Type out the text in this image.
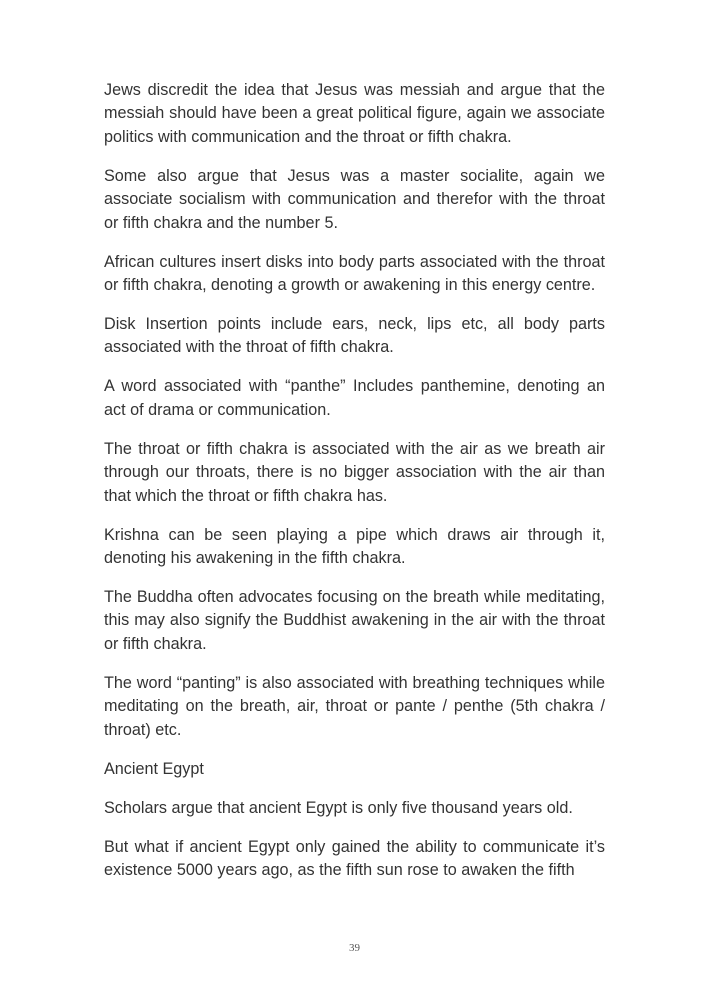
Jews discredit the idea that Jesus was messiah and argue that the messiah should have been a great political figure, again we associate politics with communication and the throat or fifth chakra.

Some also argue that Jesus was a master socialite, again we associate socialism with communication and therefor with the throat or fifth chakra and the number 5.

African cultures insert disks into body parts associated with the throat or fifth chakra, denoting a growth or awakening in this energy centre.

Disk Insertion points include ears, neck, lips etc, all body parts associated with the throat of fifth chakra.

A word associated with “panthe” Includes panthemine, denoting an act of drama or communication.

The throat or fifth chakra is associated with the air as we breath air through our throats, there is no bigger association with the air than that which the throat or fifth chakra has.

Krishna can be seen playing a pipe which draws air through it, denoting his awakening in the fifth chakra.

The Buddha often advocates focusing on the breath while meditating, this may also signify the Buddhist awakening in the air with the throat or fifth chakra.

The word “panting” is also associated with breathing techniques while meditating on the breath, air, throat or pante / penthe (5th chakra / throat) etc.

Ancient Egypt

Scholars argue that ancient Egypt is only five thousand years old.

But what if ancient Egypt only gained the ability to communicate it’s existence 5000 years ago, as the fifth sun rose to awaken the fifth

39
